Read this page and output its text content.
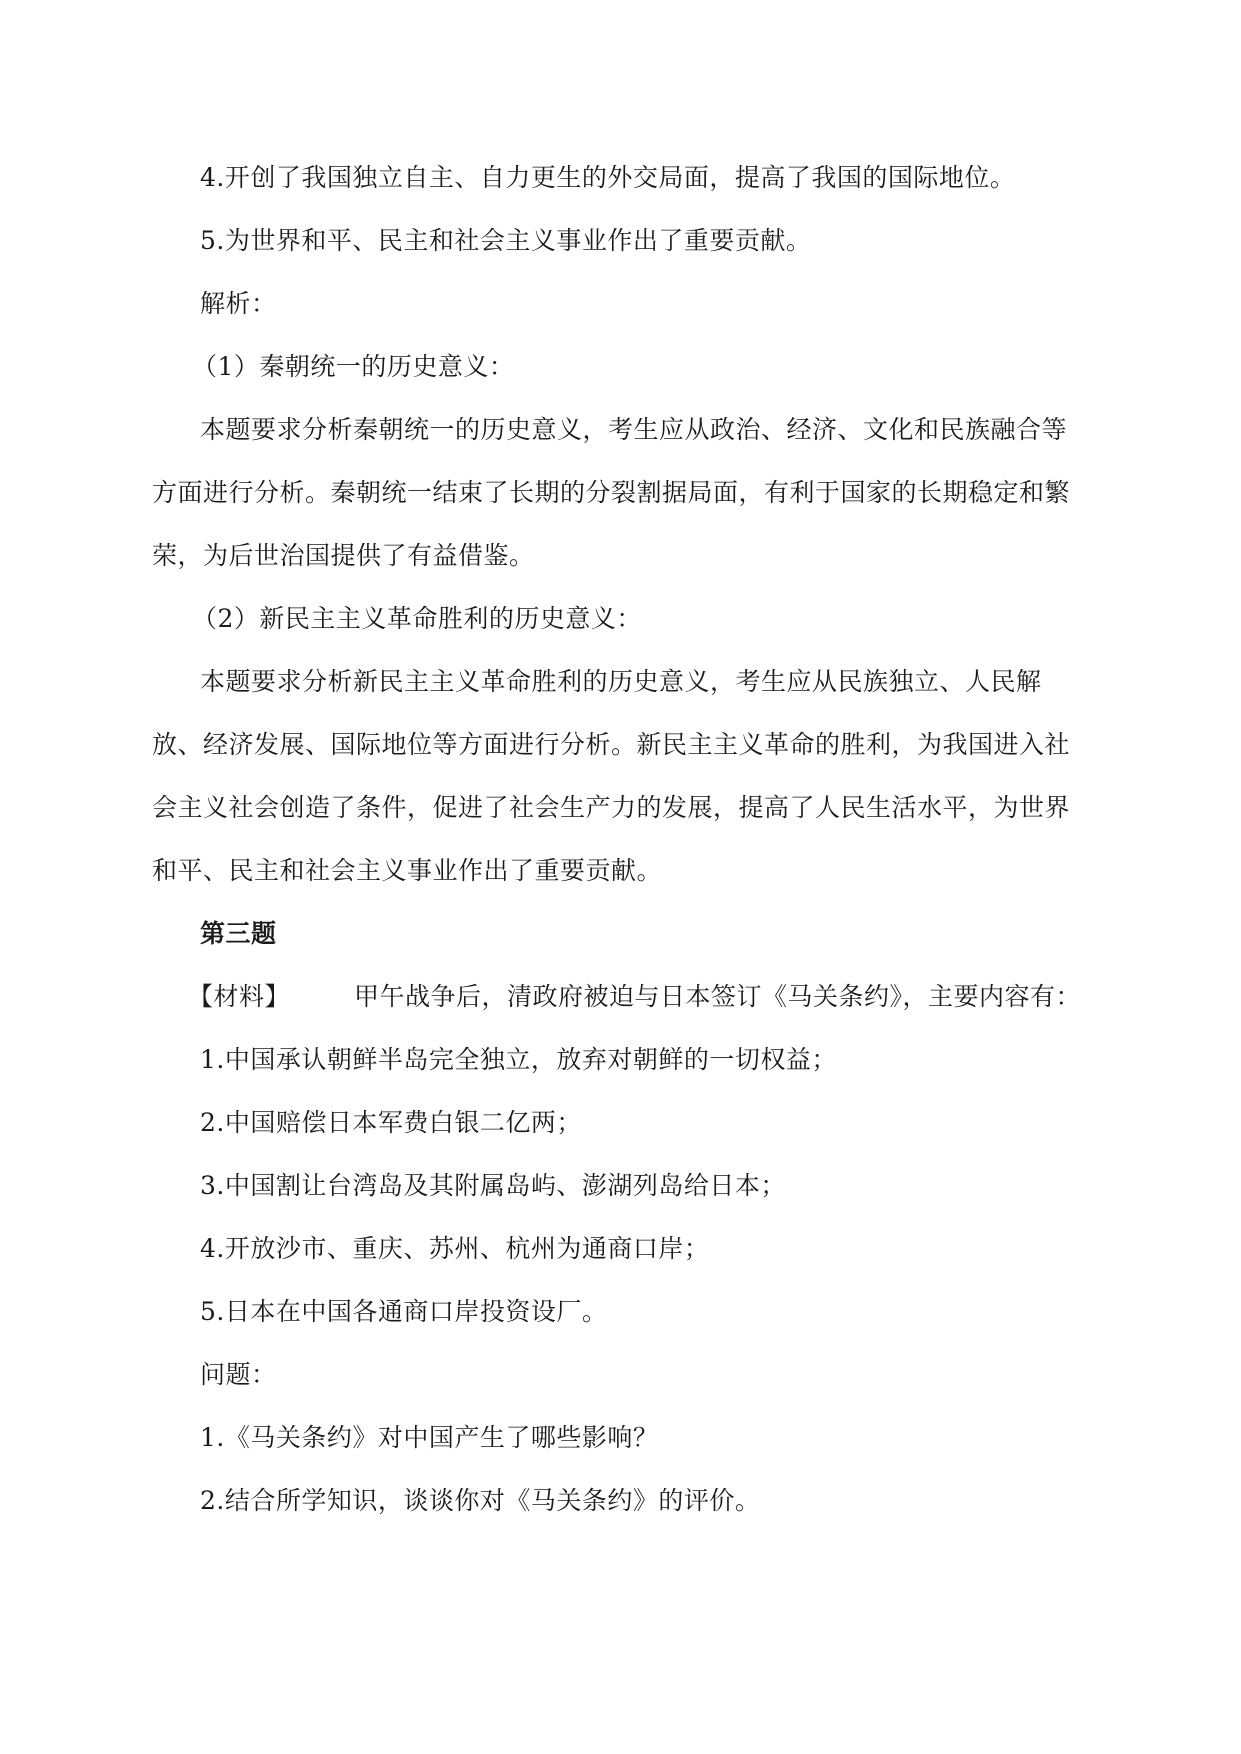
4.开创了我国独立自主、自力更生的外交局面，提高了我国的国际地位。

5.为世界和平、民主和社会主义事业作出了重要贡献。

解析：

（1）秦朝统一的历史意义：

本题要求分析秦朝统一的历史意义，考生应从政治、经济、文化和民族融合等方面进行分析。秦朝统一结束了长期的分裂割据局面，有利于国家的长期稳定和繁荣，为后世治国提供了有益借鉴。

（2）新民主主义革命胜利的历史意义：

本题要求分析新民主主义革命胜利的历史意义，考生应从民族独立、人民解放、经济发展、国际地位等方面进行分析。新民主主义革命的胜利，为我国进入社会主义社会创造了条件，促进了社会生产力的发展，提高了人民生活水平，为世界和平、民主和社会主义事业作出了重要贡献。

第三题

【材料】	甲午战争后，清政府被迫与日本签订《马关条约》，主要内容有：

1.中国承认朝鲜半岛完全独立，放弃对朝鲜的一切权益；

2.中国赔偿日本军费白银二亿两；

3.中国割让台湾岛及其附属岛屿、澎湖列岛给日本；

4.开放沙市、重庆、苏州、杭州为通商口岸；

5.日本在中国各通商口岸投资设厂。

问题：

1.《马关条约》对中国产生了哪些影响？

2.结合所学知识，谈谈你对《马关条约》的评价。
